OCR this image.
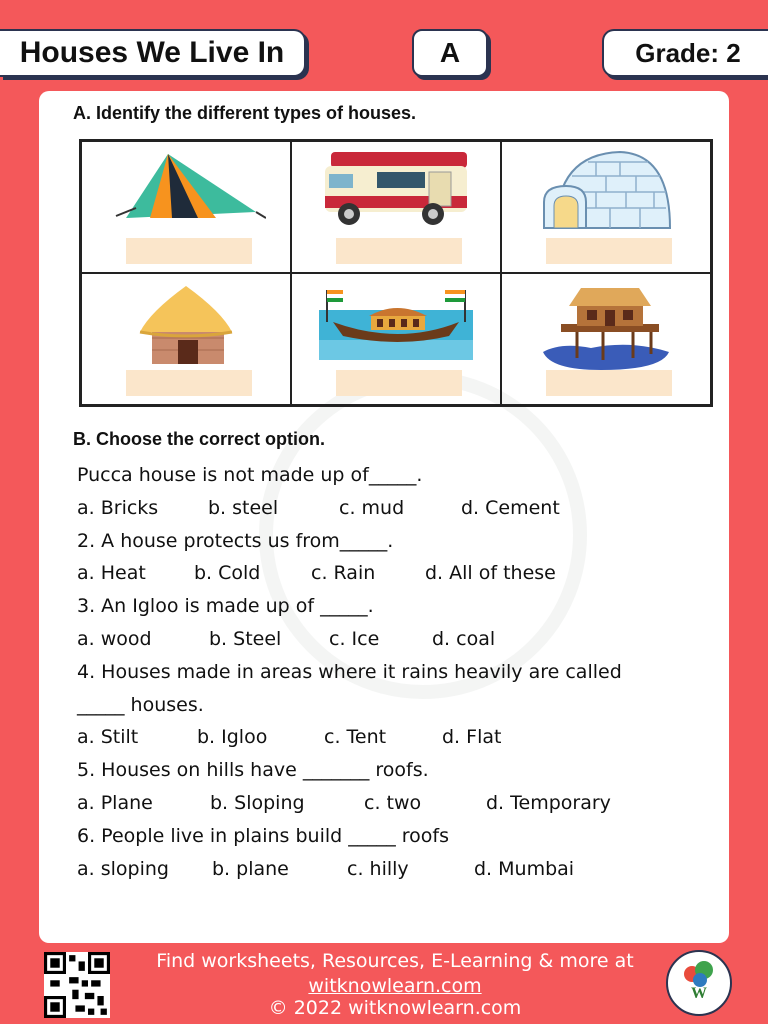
Houses We Live In	A	Grade: 2
A. Identify the different types of houses.
B. Choose the correct option.
Pucca house is not made up of_____.
a. Bricks	b. steel	c. mud	d. Cement
2. A house protects us from_____.
a. Heat	b. Cold	c. Rain	d. All of these
3. An Igloo is made up of _____.
a. wood	b. Steel	c. Ice	d. coal
4. Houses made in areas where it rains heavily are called
_____ houses.
a. Stilt	b. Igloo	c. Tent	d. Flat
5. Houses on hills have _______ roofs.
a. Plane	b. Sloping	c. two	d. Temporary
6. People live in plains build _____ roofs
a. sloping	b. plane	c. hilly	d. Mumbai
Find worksheets, Resources, E-Learning & more at
witknowlearn.com
© 2022 witknowlearn.com
W
